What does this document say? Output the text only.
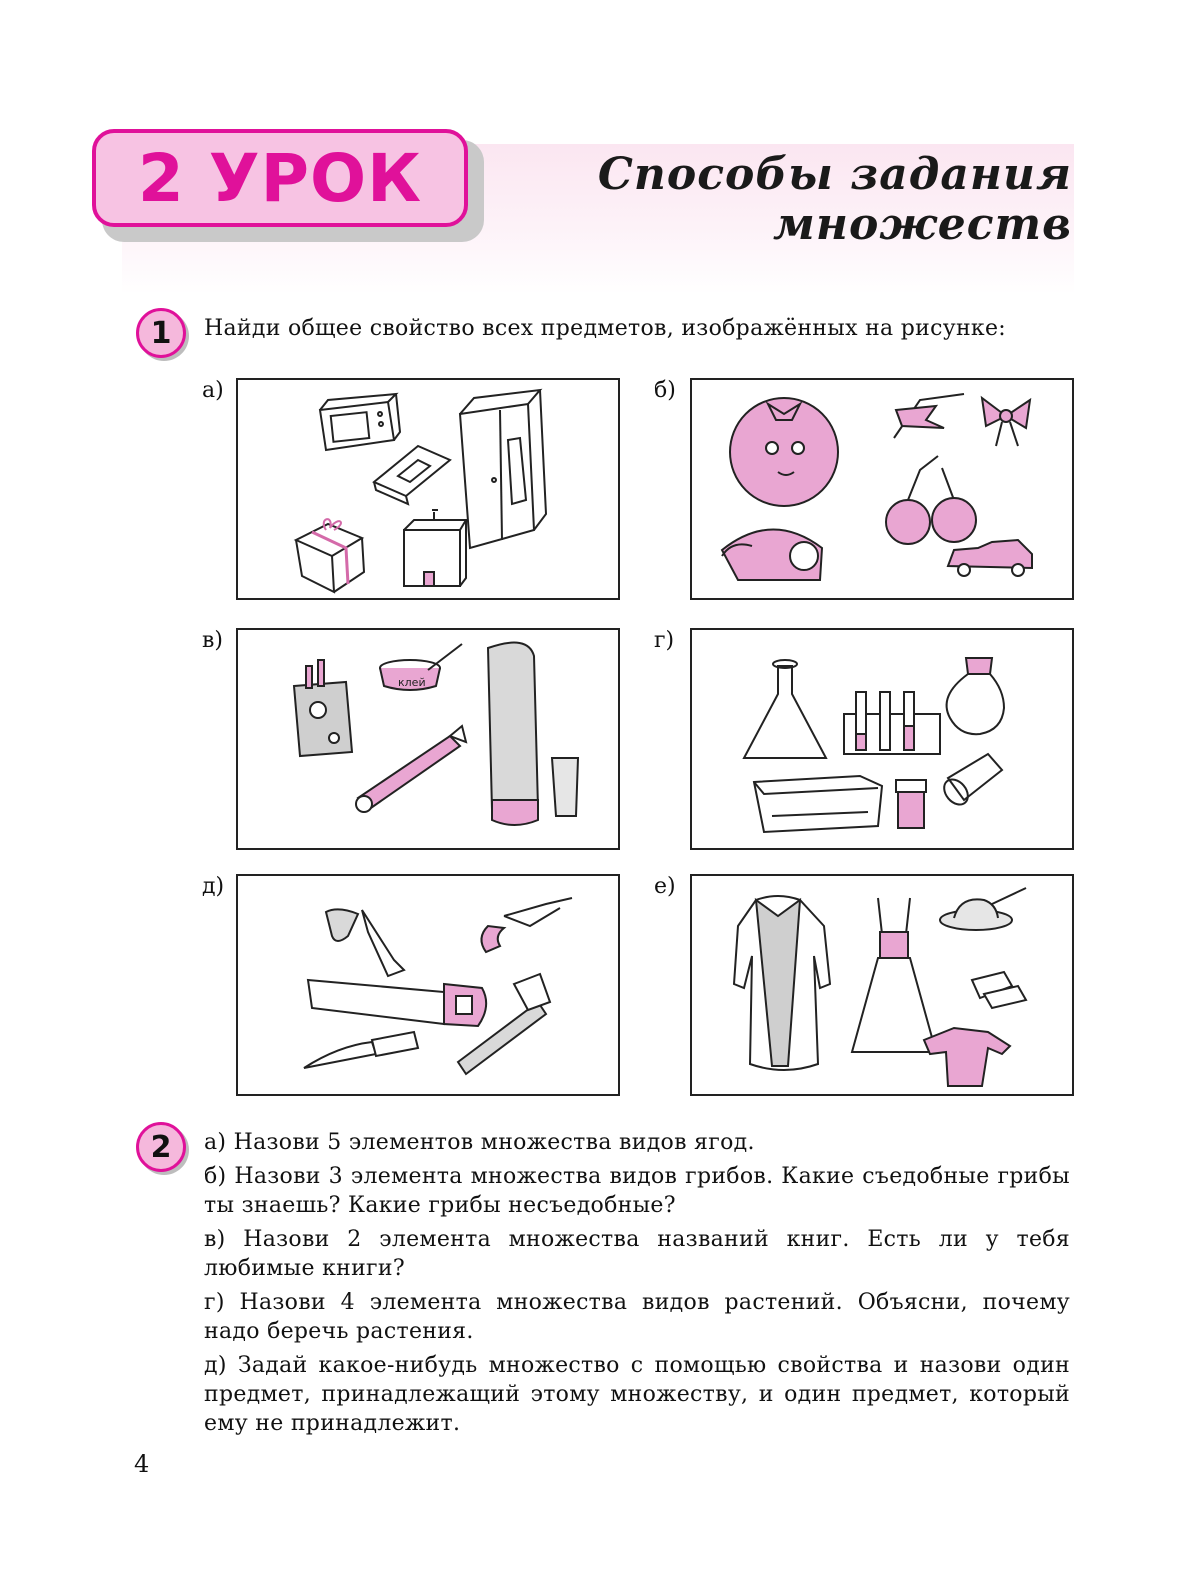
2 УРОК	Способы задания
множеств
1	Найди общее свойство всех предметов, изображённых на рисунке:
а)	б)
в)
клей
г)
д)	е)
2	а) Назови 5 элементов множества видов ягод.

б) Назови 3 элемента множества видов грибов. Какие съедобные грибы ты знаешь? Какие грибы несъедобные?

в) Назови 2 элемента множества названий книг. Есть ли у тебя любимые книги?

г) Назови 4 элемента множества видов растений. Объясни, почему надо беречь растения.

д) Задай какое-нибудь множество с помощью свойства и назови один предмет, принадлежащий этому множеству, и один предмет, который ему не принадлежит.

4
